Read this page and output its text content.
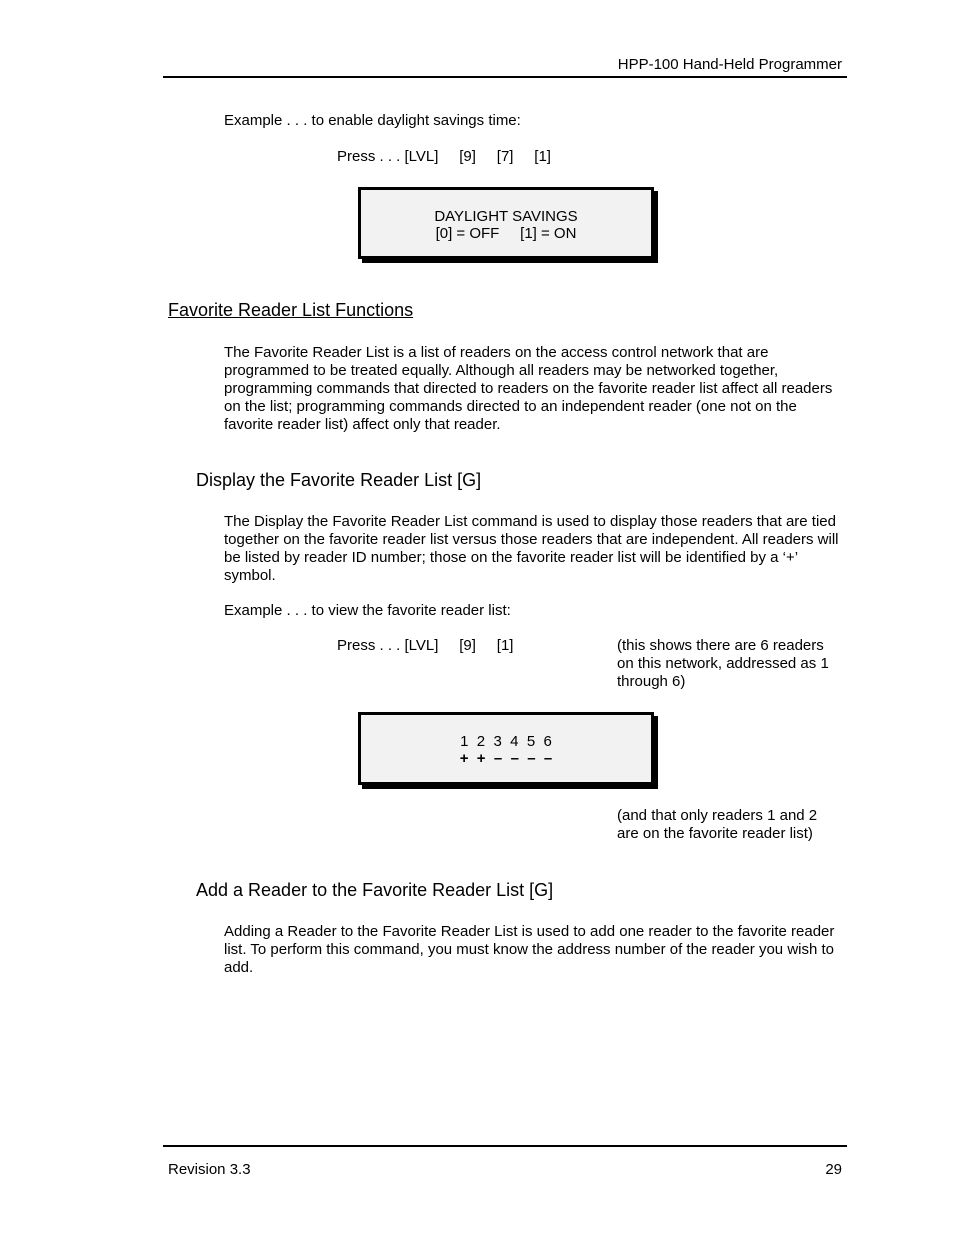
HPP-100 Hand-Held Programmer
Example . . . to enable daylight savings time:
Press . . . [LVL]     [9]     [7]     [1]
DAYLIGHT SAVINGS
[0] = OFF     [1] = ON
Favorite Reader List Functions
The Favorite Reader List is a list of readers on the access control network that are programmed to be treated equally. Although all readers may be networked together, programming commands that directed to readers on the favorite reader list affect all readers on the list; programming commands directed to an independent reader (one not on the favorite reader list) affect only that reader.
Display the Favorite Reader List [G]
The Display the Favorite Reader List command is used to display those readers that are tied together on the favorite reader list versus those readers that are independent. All readers will be listed by reader ID number; those on the favorite reader list will be identified by a ‘+’ symbol.
Example . . . to view the favorite reader list:
Press . . . [LVL]     [9]     [1]	(this shows there are 6 readers on this network, addressed as 1 through 6)
1  2  3  4  5  6
+  +  –  –  –  –
(and that only readers 1 and 2 are on the favorite reader list)
Add a Reader to the Favorite Reader List [G]
Adding a Reader to the Favorite Reader List is used to add one reader to the favorite reader list. To perform this command, you must know the address number of the reader you wish to add.
Revision 3.3	29
